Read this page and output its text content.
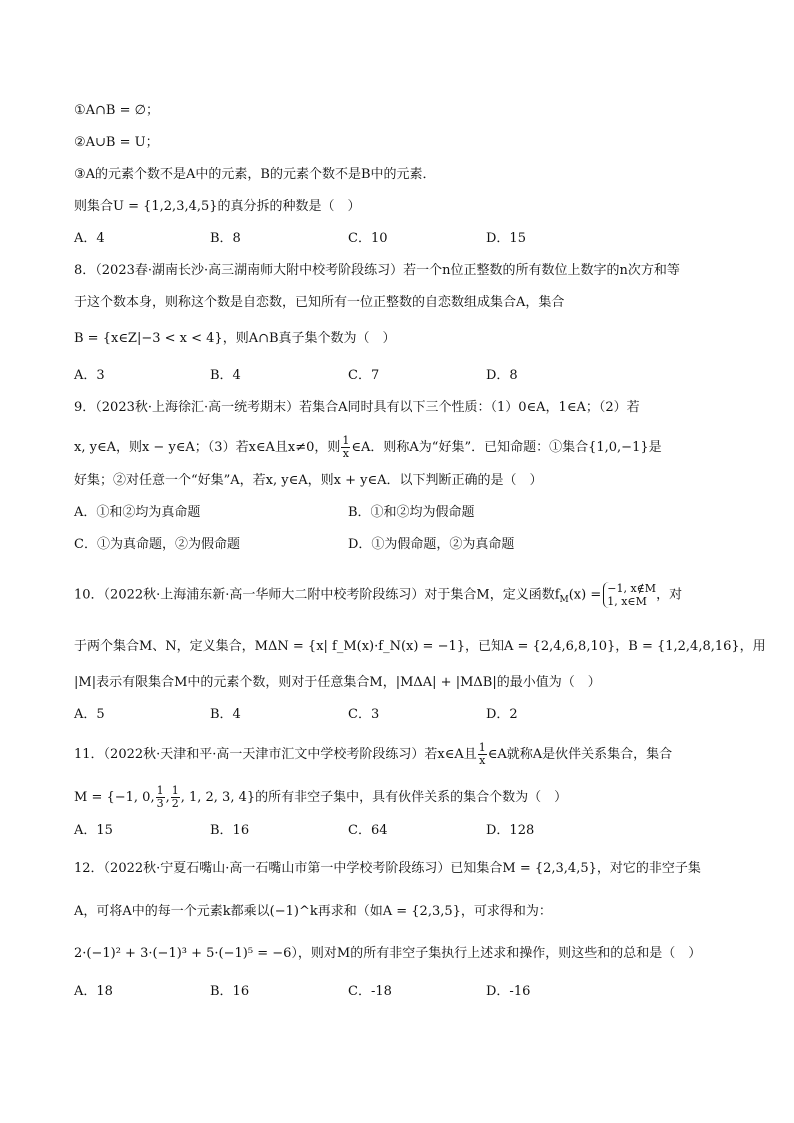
①A∩B = ∅；
②A∪B = U；
③A的元素个数不是A中的元素，B的元素个数不是B中的元素．
则集合U = {1,2,3,4,5}的真分拆的种数是（　）
A．4	B．8	C．10	D．15
8．（2023春·湖南长沙·高三湖南师大附中校考阶段练习）若一个n位正整数的所有数位上数字的n次方和等
于这个数本身，则称这个数是自恋数，已知所有一位正整数的自恋数组成集合A，集合
B = {x∈Z|−3 < x < 4}，则A∩B真子集个数为（　）
A．3	B．4	C．7	D．8
9．（2023秋·上海徐汇·高一统考期末）若集合A同时具有以下三个性质：（1）0∈A，1∈A；（2）若
x, y∈A，则x − y∈A；（3）若x∈A且x≠0，则 $\frac{1}{x}$ ∈A．则称A为“好集”．已知命题：①集合{1,0,−1}是
好集；②对任意一个“好集”A，若x, y∈A，则x + y∈A．以下判断正确的是（　）
A．①和②均为真命题	B．①和②均为假命题
C．①为真命题，②为假命题	D．①为假命题，②为真命题
10．（2022秋·上海浦东新·高一华师大二附中校考阶段练习）对于集合M，定义函数$f_M(x) = -1$, x∉M
1, x∈M ，对
于两个集合M、N，定义集合，MΔN = {x| f_M(x)·f_N(x) = −1}，已知A = {2,4,6,8,10}，B = {1,2,4,8,16}，用
|M|表示有限集合M中的元素个数，则对于任意集合M，|MΔA| + |MΔB|的最小值为（　）
A．5	B．4	C．3	D．2
11．（2022秋·天津和平·高一天津市汇文中学校考阶段练习）若x∈A且 $\frac{1}{x}$ ∈A就称A是伙伴关系集合，集合
M = {−1, 0, $\frac{1}{3}$ , $\frac{1}{2}$ , 1, 2, 3, 4}的所有非空子集中，具有伙伴关系的集合个数为（　）
A．15	B．16	C．64	D．128
12．（2022秋·宁夏石嘴山·高一石嘴山市第一中学校考阶段练习）已知集合M = {2,3,4,5}，对它的非空子集
A，可将A中的每一个元素k都乘以(−1)^k再求和（如A = {2,3,5}，可求得和为：
2·(−1)² + 3·(−1)³ + 5·(−1)⁵ = −6），则对M的所有非空子集执行上述求和操作，则这些和的总和是（　）
A．18	B．16	C．-18	D．-16
